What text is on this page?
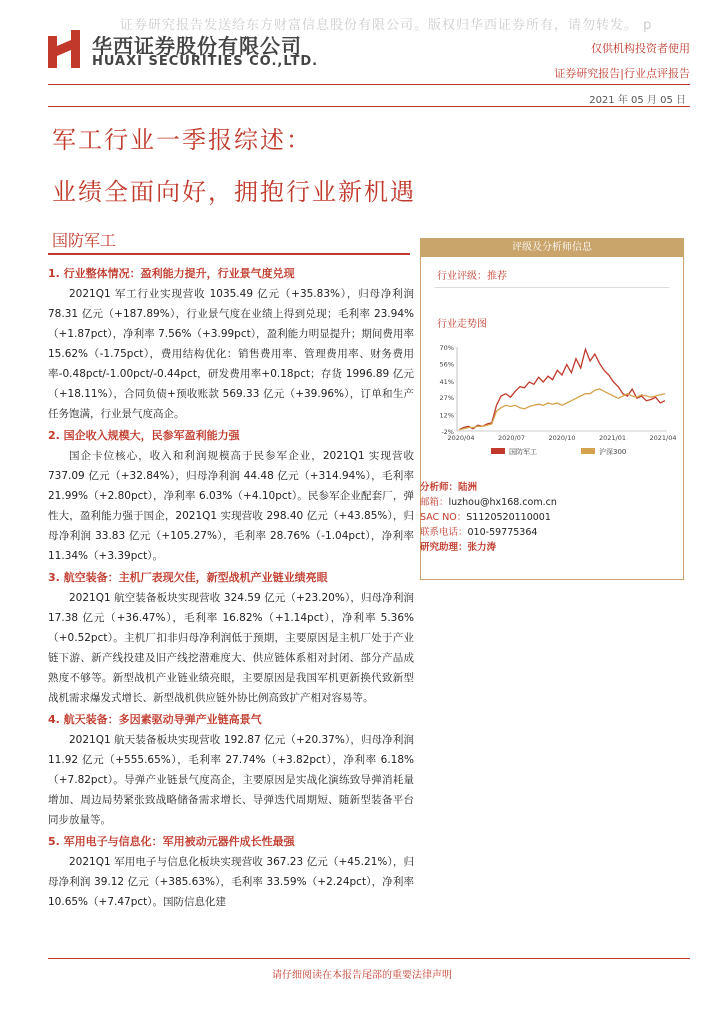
证券研究报告发送给东方财富信息股份有限公司。版权归华西证券所有，请勿转发。 p
华西证券股份有限公司
HUAXI SECURITIES CO.,LTD.
仅供机构投资者使用
证券研究报告|行业点评报告
2021 年 05 月 05 日
军工行业一季报综述：
业绩全面向好，拥抱行业新机遇
国防军工
1. 行业整体情况：盈利能力提升，行业景气度兑现

2021Q1 军工行业实现营收 1035.49 亿元（+35.83%），归母净利润 78.31 亿元（+187.89%），行业景气度在业绩上得到兑现；毛利率 23.94%（+1.87pct），净利率 7.56%（+3.99pct），盈利能力明显提升；期间费用率 15.62%（-1.75pct），费用结构优化：销售费用率、管理费用率、财务费用率-0.48pct/-1.00pct/-0.44pct，研发费用率+0.18pct；存货 1996.89 亿元（+18.11%），合同负债+预收账款 569.33 亿元（+39.96%），订单和生产任务饱满，行业景气度高企。

2. 国企收入规模大，民参军盈利能力强

国企卡位核心，收入和利润规模高于民参军企业，2021Q1 实现营收 737.09 亿元（+32.84%），归母净利润 44.48 亿元（+314.94%），毛利率 21.99%（+2.80pct），净利率 6.03%（+4.10pct）。民参军企业配套厂，弹性大，盈利能力强于国企，2021Q1 实现营收 298.40 亿元（+43.85%），归母净利润 33.83 亿元（+105.27%），毛利率 28.76%（-1.04pct），净利率 11.34%（+3.39pct）。

3. 航空装备：主机厂表现欠佳，新型战机产业链业绩亮眼

2021Q1 航空装备板块实现营收 324.59 亿元（+23.20%），归母净利润 17.38 亿元（+36.47%），毛利率 16.82%（+1.14pct），净利率 5.36%（+0.52pct）。主机厂扣非归母净利润低于预期，主要原因是主机厂处于产业链下游、新产线投建及旧产线挖潜难度大、供应链体系相对封闭、部分产品成熟度不够等。新型战机产业链业绩亮眼，主要原因是我国军机更新换代致新型战机需求爆发式增长、新型战机供应链外协比例高致扩产相对容易等。

4. 航天装备：多因素驱动导弹产业链高景气

2021Q1 航天装备板块实现营收 192.87 亿元（+20.37%），归母净利润 11.92 亿元（+555.65%），毛利率 27.74%（+3.82pct），净利率 6.18%（+7.82pct）。导弹产业链景气度高企，主要原因是实战化演练致导弹消耗量增加、周边局势紧张致战略储备需求增长、导弹迭代周期短、随新型装备平台同步放量等。

5. 军用电子与信息化：军用被动元器件成长性最强

2021Q1 军用电子与信息化板块实现营收 367.23 亿元（+45.21%），归母净利润 39.12 亿元（+385.63%），毛利率 33.59%（+2.24pct），净利率 10.65%（+7.47pct）。国防信息化建

评级及分析师信息
行业评级：推荐
行业走势图
-2%
12%
27%
41%
56%
70%
2020/04	2020/07	2020/10	2021/01	2021/04
国防军工	沪深300
分析师：陆洲
邮箱：luzhou@hx168.com.cn
SAC NO：S1120520110001
联系电话：010-59775364
研究助理：张力涛
请仔细阅读在本报告尾部的重要法律声明
